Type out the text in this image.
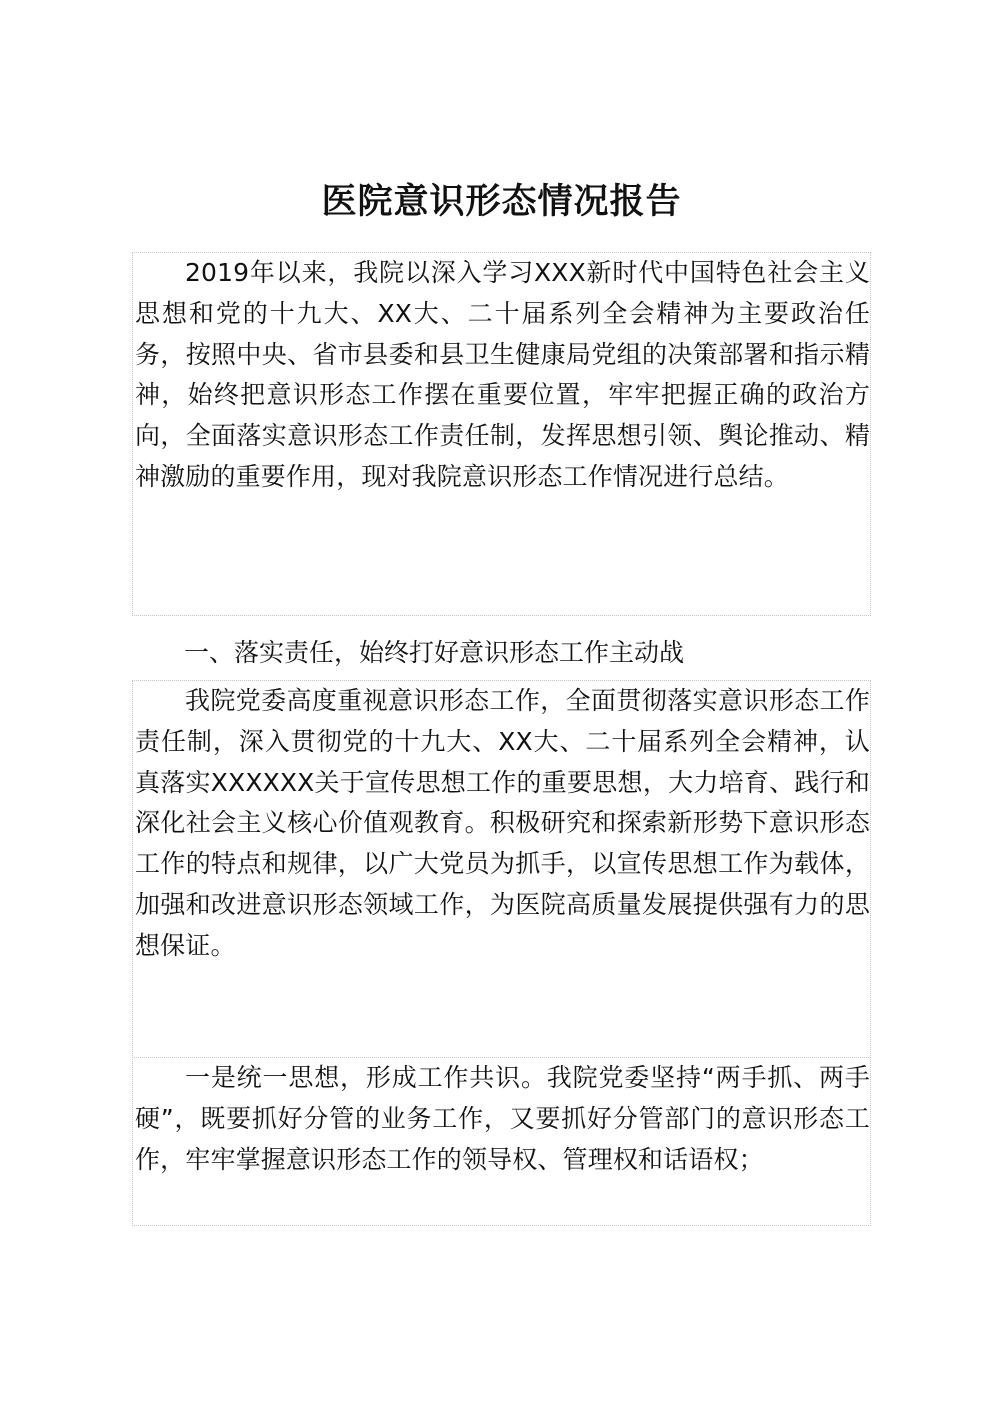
医院意识形态情况报告

2019年以来，我院以深入学习XXX新时代中国特色社会主义思想和党的十九大、XX大、二十届系列全会精神为主要政治任务，按照中央、省市县委和县卫生健康局党组的决策部署和指示精神，始终把意识形态工作摆在重要位置，牢牢把握正确的政治方向，全面落实意识形态工作责任制，发挥思想引领、舆论推动、精神激励的重要作用，现对我院意识形态工作情况进行总结。

一、落实责任，始终打好意识形态工作主动战

我院党委高度重视意识形态工作，全面贯彻落实意识形态工作责任制，深入贯彻党的十九大、XX大、二十届系列全会精神，认真落实XXXXXX关于宣传思想工作的重要思想，大力培育、践行和深化社会主义核心价值观教育。积极研究和探索新形势下意识形态工作的特点和规律，以广大党员为抓手，以宣传思想工作为载体，加强和改进意识形态领域工作，为医院高质量发展提供强有力的思想保证。

一是统一思想，形成工作共识。我院党委坚持“两手抓、两手硬”，既要抓好分管的业务工作，又要抓好分管部门的意识形态工作，牢牢掌握意识形态工作的领导权、管理权和话语权；
